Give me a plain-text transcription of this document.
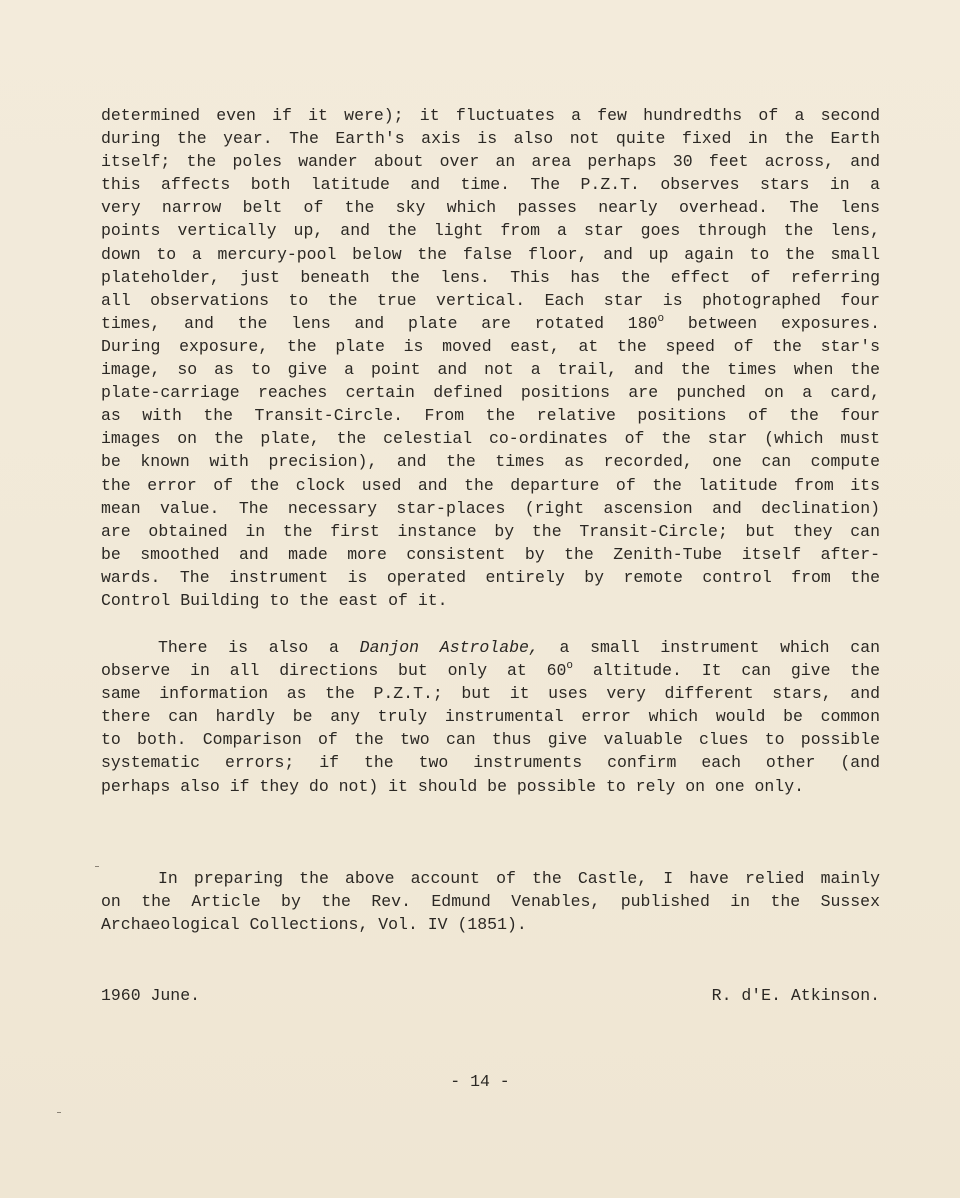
determined even if it were); it fluctuates a few hundredths of a second
during the year. The Earth's axis is also not quite fixed in the Earth
itself; the poles wander about over an area perhaps 30 feet across, and
this affects both latitude and time. The P.Z.T. observes stars in a
very narrow belt of the sky which passes nearly overhead. The lens
points vertically up, and the light from a star goes through the lens,
down to a mercury-pool below the false floor, and up again to the small
plateholder, just beneath the lens. This has the effect of referring
all observations to the true vertical. Each star is photographed four
times, and the lens and plate are rotated 180$^o$ between exposures.
During exposure, the plate is moved east, at the speed of the star's
image, so as to give a point and not a trail, and the times when the
plate-carriage reaches certain defined positions are punched on a card,
as with the Transit-Circle. From the relative positions of the four
images on the plate, the celestial co-ordinates of the star (which must
be known with precision), and the times as recorded, one can compute
the error of the clock used and the departure of the latitude from its
mean value. The necessary star-places (right ascension and declination)
are obtained in the first instance by the Transit-Circle; but they can
be smoothed and made more consistent by the Zenith-Tube itself after-
wards. The instrument is operated entirely by remote control from the
Control Building to the east of it.
There is also a Danjon Astrolabe, a small instrument which can
observe in all directions but only at 60$^o$ altitude. It can give the
same information as the P.Z.T.; but it uses very different stars, and
there can hardly be any truly instrumental error which would be common
to both. Comparison of the two can thus give valuable clues to possible
systematic errors; if the two instruments confirm each other (and
perhaps also if they do not) it should be possible to rely on one only.
In preparing the above account of the Castle, I have relied mainly
on the Article by the Rev. Edmund Venables, published in the Sussex
Archaeological Collections, Vol. IV (1851).
1960 June.	R. d'E. Atkinson.
- 14 -
